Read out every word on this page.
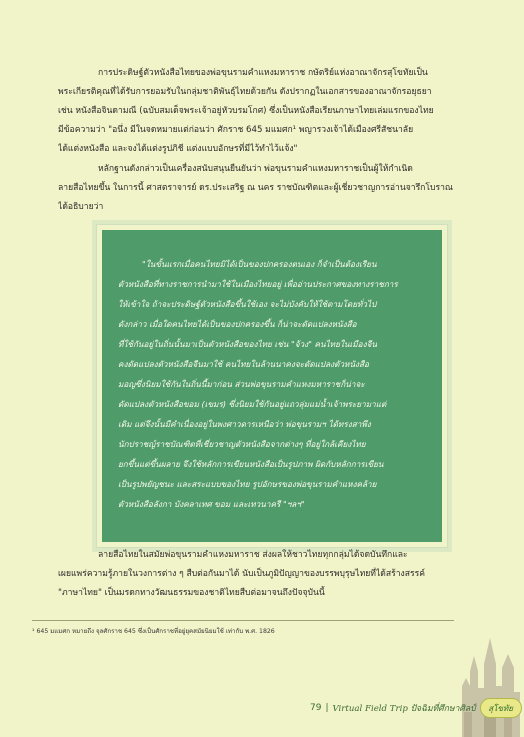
การประดิษฐ์ตัวหนังสือไทยของพ่อขุนรามคำแหงมหาราช กษัตริย์แห่งอาณาจักรสุโขทัยเป็น
พระเกียรติคุณที่ได้รับการยอมรับในกลุ่มชาติพันธุ์ไทยด้วยกัน ดังปรากฏในเอกสารของอาณาจักรอยุธยา
เช่น หนังสือจินดามณี (ฉบับสมเด็จพระเจ้าอยู่หัวบรมโกศ) ซึ่งเป็นหนังสือเรียนภาษาไทยเล่มแรกของไทย
มีข้อความว่า "อนึ่ง มีในจดหมายแต่ก่อนว่า ศักราช 645 มแมศก¹ พญารวงเจ้าได้เมืองศรีสัชนาลัย
ได้แต่งหนังสือ และจงได้แต่งรูปภิชี แต่งแบบอักษรที่มีไว้ทำไว้แจ้ง"
หลักฐานดังกล่าวเป็นเครื่องสนับสนุนยืนยันว่า พ่อขุนรามคำแหงมหาราชเป็นผู้ให้กำเนิด
ลายสือไทยขึ้น ในการนี้ ศาสตราจารย์ ดร.ประเสริฐ ณ นคร ราชบัณฑิตและผู้เชี่ยวชาญการอ่านจารึกโบราณ
ได้อธิบายว่า
"ในขั้นแรกเมื่อคนไทยมิได้เป็นของปกครองตนเอง ก็จำเป็นต้องเรียน
ตัวหนังสือที่ทางราชการนำมาใช้ในเมืองไทยอยู่ เพื่ออ่านประกาศของทางราชการ
ให้เข้าใจ ถ้าจะประดิษฐ์ตัวหนังสือขึ้นใช้เอง จะไม่บังคับให้ใช้ตามโดยทั่วไป
ดังกล่าว เมื่อใดคนไทยได้เป็นของปกครองขึ้น ก็น่าจะดัดแปลงหนังสือ
ที่ใช้กันอยู่ในถิ่นนั้นมาเป็นตัวหนังสือของไทย เช่น "จ้วง" คนไทยในเมืองจีน
คงดัดแปลงตัวหนังสือจีนมาใช้ คนไทยในล้านนาคงจะดัดแปลงตัวหนังสือ
มอญซึ่งนิยมใช้กันในถิ่นนี้มาก่อน ส่วนพ่อขุนรามคำแหงมหาราชก็น่าจะ
ดัดแปลงตัวหนังสือขอม (เขมร) ซึ่งนิยมใช้กันอยู่แถวลุ่มแม่น้ำเจ้าพระยามาแต่
เดิม แต่จึงนั้นมีคำเนื่องอยู่ในพงศาวดารเหนือว่า พ่อขุนรามฯ ได้ทรงสาพึง
นักปราชญ์ราชบัณฑิตที่เชี่ยวชาญตัวหนังสือจากต่างๆ ที่อยู่ใกล้เคียงไทย
ยกขึ้นแต่ขึ้นผลาย จึงใช้หลักการเขียนหนังสือเป็นรูปภาพ ผิดกับหลักการเขียน
เป็นรูปพยัญชนะ และสระแบบของไทย รูปอักษรของพ่อขุนรามคำแหงคล้าย
ตัวหนังสือลังกา บังคลาเทศ ขอม และเทวนาครี "ฯลฯ"
ลายสือไทยในสมัยพ่อขุนรามคำแหงมหาราช ส่งผลให้ชาวไทยทุกกลุ่มได้จดบันทึกและ
เผยแพร่ความรู้ภายในวงการต่าง ๆ สืบต่อกันมาได้ นับเป็นภูมิปัญญาของบรรพบุรุษไทยที่ได้สร้างสรรค์
"ภาษาไทย" เป็นมรดกทางวัฒนธรรมของชาติไทยสืบต่อมาจนถึงปัจจุบันนี้
¹ 645 มแมศก หมายถึง จุลศักราช 645 ซึ่งเป็นศักราชที่อยู่ยุคสมัยนิยมใช้ เท่ากับ พ.ศ. 1826
79 | Virtual Field Trip ปัจฉิมที่ศึกษาศิลป์	สุโขทัย
